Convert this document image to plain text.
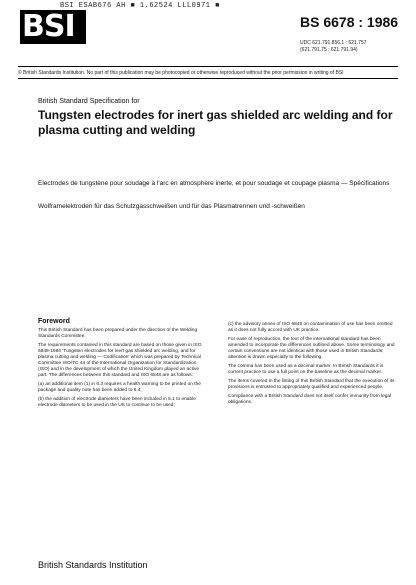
BSI ESAB676 AH ■ 1.62524 LLL0971 ■
BSI	BS 6678 : 1986
UDC 621.791.856.1 : 621.757
(621.791.75 : 621.791.94)
© British Standards Institution. No part of this publication may be photocopied or otherwise reproduced without the prior permission in writing of BSI
British Standard Specification for
Tungsten electrodes for inert gas shielded arc welding and for plasma cutting and welding
Electrodes de tungstène pour soudage à l'arc en atmosphère inerte, et pour soudage et coupage plasma — Spécifications
Wolframelektroden für das Schutzgasschweißen und für das Plasmatrennen und -schweißen
Foreword

This British Standard has been prepared under the direction of the Welding Standards Committee.

The requirements contained in this standard are based on those given in ISO 6848-1984 'Tungsten electrodes for inert gas shielded arc welding, and for plasma cutting and welding — Codification' which was prepared by Technical Committee ISO/TC 44 of the International Organization for Standardization (ISO) and in the development of which the United Kingdom played an active part. The differences between this standard and ISO 6848 are as follows:

(a) an additional item (1) in 6.3 requires a health warning to be printed on the package and quality note has been added to 6.4;

(b) the addition of electrode diameters have been included in 6.1 to enable electrode diameters to be used in the UK to continue to be used;

(c) the advisory annex of ISO 6848 on contamination of use has been omitted as it does not fully accord with UK practice.

For ease of reproduction, the text of the international standard has been amended to incorporate the differences outlined above. Some terminology and certain conventions are not identical with those used in British Standards; attention is drawn especially to the following.

The comma has been used as a decimal marker. In British Standards it is current practice to use a full point on the baseline as the decimal marker.

The items covered in the listing of this British Standard that the execution of its provisions is entrusted to appropriately qualified and experienced people.

Compliance with a British Standard does not itself confer immunity from legal obligations.

British Standards Institution
